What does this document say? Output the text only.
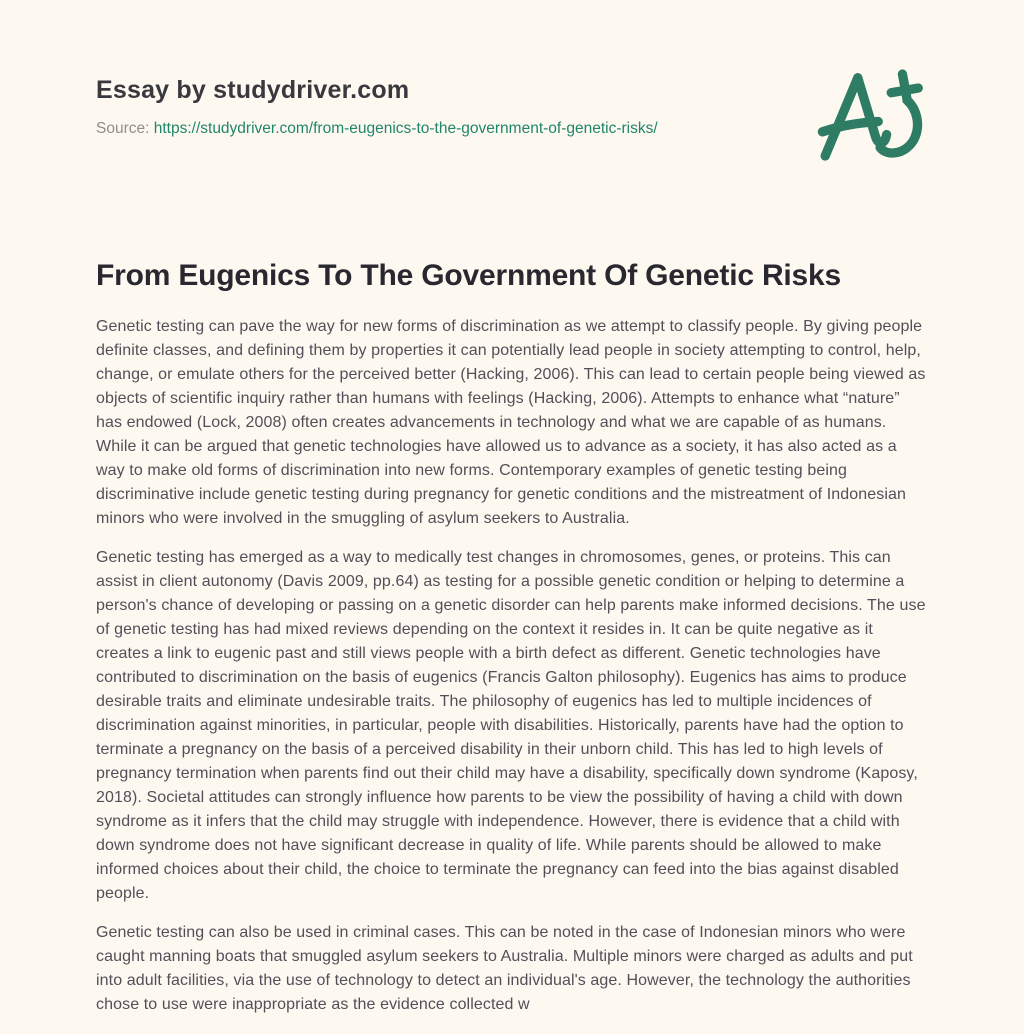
Essay by studydriver.com
Source: https://studydriver.com/from-eugenics-to-the-government-of-genetic-risks/
From Eugenics To The Government Of Genetic Risks

Genetic testing can pave the way for new forms of discrimination as we attempt to classify people. By giving people definite classes, and defining them by properties it can potentially lead people in society attempting to control, help, change, or emulate others for the perceived better (Hacking, 2006). This can lead to certain people being viewed as objects of scientific inquiry rather than humans with feelings (Hacking, 2006). Attempts to enhance what “nature” has endowed (Lock, 2008) often creates advancements in technology and what we are capable of as humans. While it can be argued that genetic technologies have allowed us to advance as a society, it has also acted as a way to make old forms of discrimination into new forms. Contemporary examples of genetic testing being discriminative include genetic testing during pregnancy for genetic conditions and the mistreatment of Indonesian minors who were involved in the smuggling of asylum seekers to Australia.

Genetic testing has emerged as a way to medically test changes in chromosomes, genes, or proteins. This can assist in client autonomy (Davis 2009, pp.64) as testing for a possible genetic condition or helping to determine a person's chance of developing or passing on a genetic disorder can help parents make informed decisions. The use of genetic testing has had mixed reviews depending on the context it resides in. It can be quite negative as it creates a link to eugenic past and still views people with a birth defect as different. Genetic technologies have contributed to discrimination on the basis of eugenics (Francis Galton philosophy). Eugenics has aims to produce desirable traits and eliminate undesirable traits. The philosophy of eugenics has led to multiple incidences of discrimination against minorities, in particular, people with disabilities. Historically, parents have had the option to terminate a pregnancy on the basis of a perceived disability in their unborn child. This has led to high levels of pregnancy termination when parents find out their child may have a disability, specifically down syndrome (Kaposy, 2018). Societal attitudes can strongly influence how parents to be view the possibility of having a child with down syndrome as it infers that the child may struggle with independence. However, there is evidence that a child with down syndrome does not have significant decrease in quality of life. While parents should be allowed to make informed choices about their child, the choice to terminate the pregnancy can feed into the bias against disabled people.

Genetic testing can also be used in criminal cases. This can be noted in the case of Indonesian minors who were caught manning boats that smuggled asylum seekers to Australia. Multiple minors were charged as adults and put into adult facilities, via the use of technology to detect an individual's age. However, the technology the authorities chose to use were inappropriate as the evidence collected w
